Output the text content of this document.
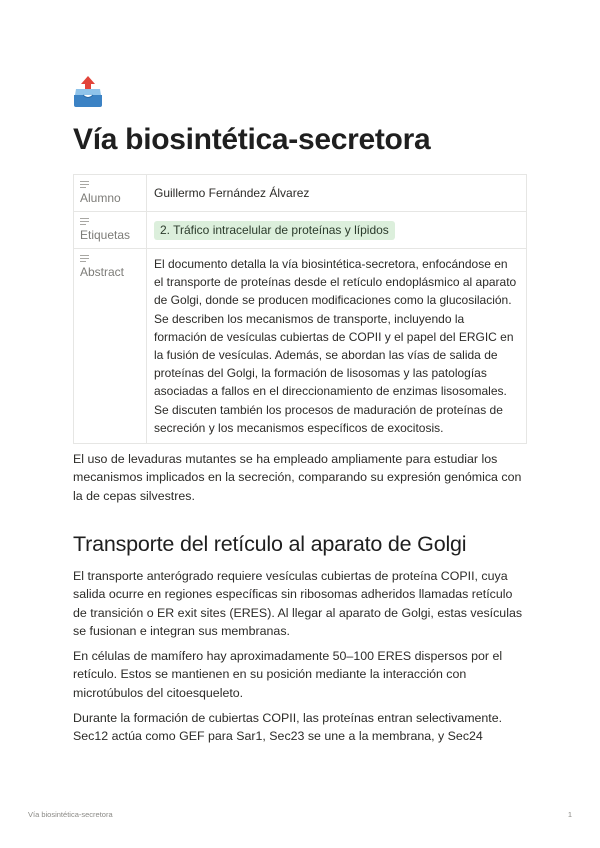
Vía biosintética-secretora
Alumno	Guillermo Fernández Álvarez

Etiquetas	2. Tráfico intracelular de proteínas y lípidos

Abstract	El documento detalla la vía biosintética-secretora, enfocándose en el transporte de proteínas desde el retículo endoplásmico al aparato de Golgi, donde se producen modificaciones como la glucosilación. Se describen los mecanismos de transporte, incluyendo la formación de vesículas cubiertas de COPII y el papel del ERGIC en la fusión de vesículas. Además, se abordan las vías de salida de proteínas del Golgi, la formación de lisosomas y las patologías asociadas a fallos en el direccionamiento de enzimas lisosomales. Se discuten también los procesos de maduración de proteínas de secreción y los mecanismos específicos de exocitosis.

El uso de levaduras mutantes se ha empleado ampliamente para estudiar los mecanismos implicados en la secreción, comparando su expresión genómica con la de cepas silvestres.

Transporte del retículo al aparato de Golgi

El transporte anterógrado requiere vesículas cubiertas de proteína COPII, cuya salida ocurre en regiones específicas sin ribosomas adheridos llamadas retículo de transición o ER exit sites (ERES). Al llegar al aparato de Golgi, estas vesículas se fusionan e integran sus membranas.

En células de mamífero hay aproximadamente 50–100 ERES dispersos por el retículo. Estos se mantienen en su posición mediante la interacción con microtúbulos del citoesqueleto.

Durante la formación de cubiertas COPII, las proteínas entran selectivamente. Sec12 actúa como GEF para Sar1, Sec23 se une a la membrana, y Sec24

Vía biosintética-secretora	1
